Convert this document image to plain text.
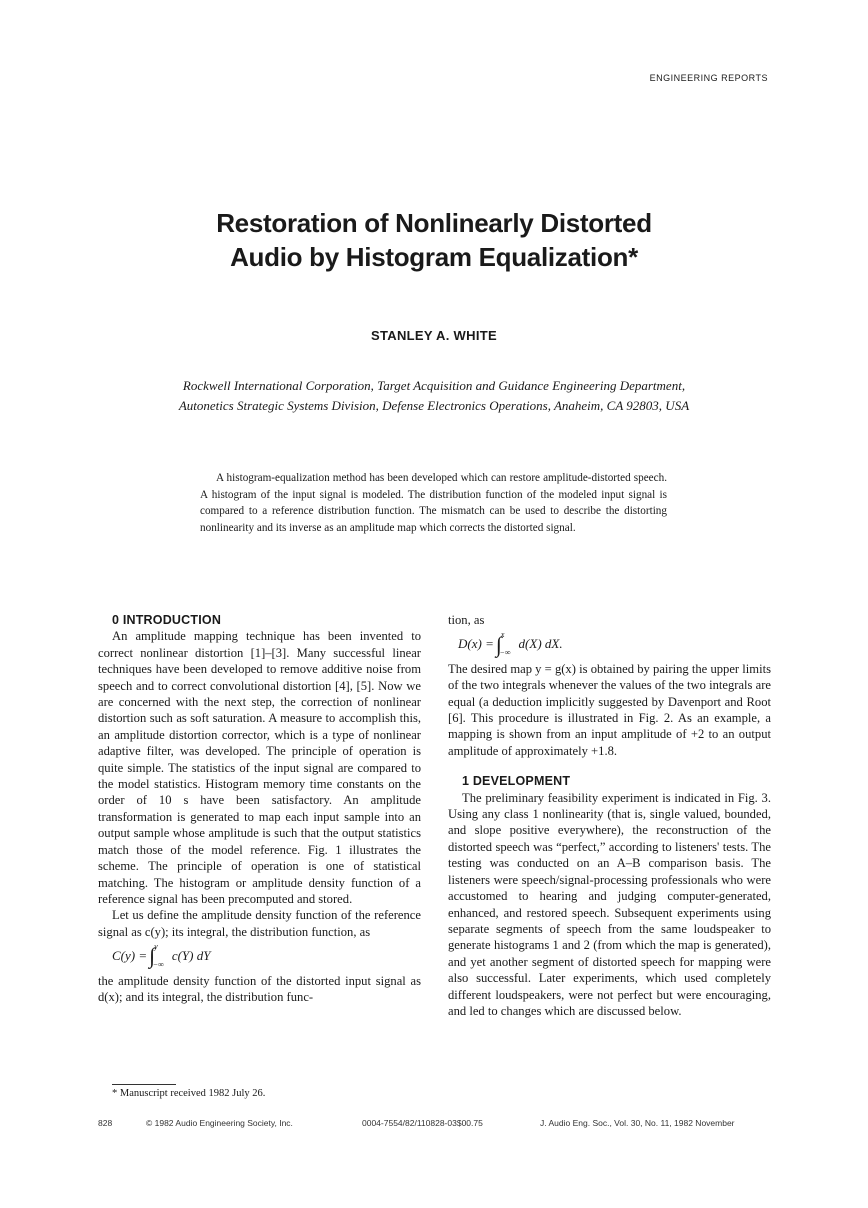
ENGINEERING REPORTS
Restoration of Nonlinearly Distorted
Audio by Histogram Equalization*
STANLEY A. WHITE
Rockwell International Corporation, Target Acquisition and Guidance Engineering Department,
Autonetics Strategic Systems Division, Defense Electronics Operations, Anaheim, CA 92803, USA

A histogram-equalization method has been developed which can restore amplitude-distorted speech. A histogram of the input signal is modeled. The distribution function of the modeled input signal is compared to a reference distribution function. The mismatch can be used to describe the distorting nonlinearity and its inverse as an amplitude map which corrects the distorted signal.

0 INTRODUCTION

An amplitude mapping technique has been invented to correct nonlinear distortion [1]–[3]. Many successful linear techniques have been developed to remove additive noise from speech and to correct convolutional distortion [4], [5]. Now we are concerned with the next step, the correction of nonlinear distortion such as soft saturation. A measure to accomplish this, an amplitude distortion corrector, which is a type of nonlinear adaptive filter, was developed. The principle of operation is quite simple. The statistics of the input signal are compared to the model statistics. Histogram memory time constants on the order of 10 s have been satisfactory. An amplitude transformation is generated to map each input sample into an output sample whose amplitude is such that the output statistics match those of the model reference. Fig. 1 illustrates the scheme. The principle of operation is one of statistical matching. The histogram or amplitude density function of a reference signal has been precomputed and stored.

Let us define the amplitude density function of the reference signal as c(y); its integral, the distribution function, as

C(y) = ∫ y
−∞
c(Y) dY

the amplitude density function of the distorted input signal as d(x); and its integral, the distribution func-

tion, as

D(x) = ∫ x
−∞
d(X) dX.

The desired map y = g(x) is obtained by pairing the upper limits of the two integrals whenever the values of the two integrals are equal (a deduction implicitly suggested by Davenport and Root [6]. This procedure is illustrated in Fig. 2. As an example, a mapping is shown from an input amplitude of +2 to an output amplitude of approximately +1.8.

1 DEVELOPMENT

The preliminary feasibility experiment is indicated in Fig. 3. Using any class 1 nonlinearity (that is, single valued, bounded, and slope positive everywhere), the reconstruction of the distorted speech was “perfect,” according to listeners' tests. The testing was conducted on an A–B comparison basis. The listeners were speech/signal-processing professionals who were accustomed to hearing and judging computer-generated, enhanced, and restored speech. Subsequent experiments using separate segments of speech from the same loudspeaker to generate histograms 1 and 2 (from which the map is generated), and yet another segment of distorted speech for mapping were also successful. Later experiments, which used completely different loudspeakers, were not perfect but were encouraging, and led to changes which are discussed below.

* Manuscript received 1982 July 26.
828	© 1982 Audio Engineering Society, Inc.	0004-7554/82/110828-03$00.75	J. Audio Eng. Soc., Vol. 30, No. 11, 1982 November
